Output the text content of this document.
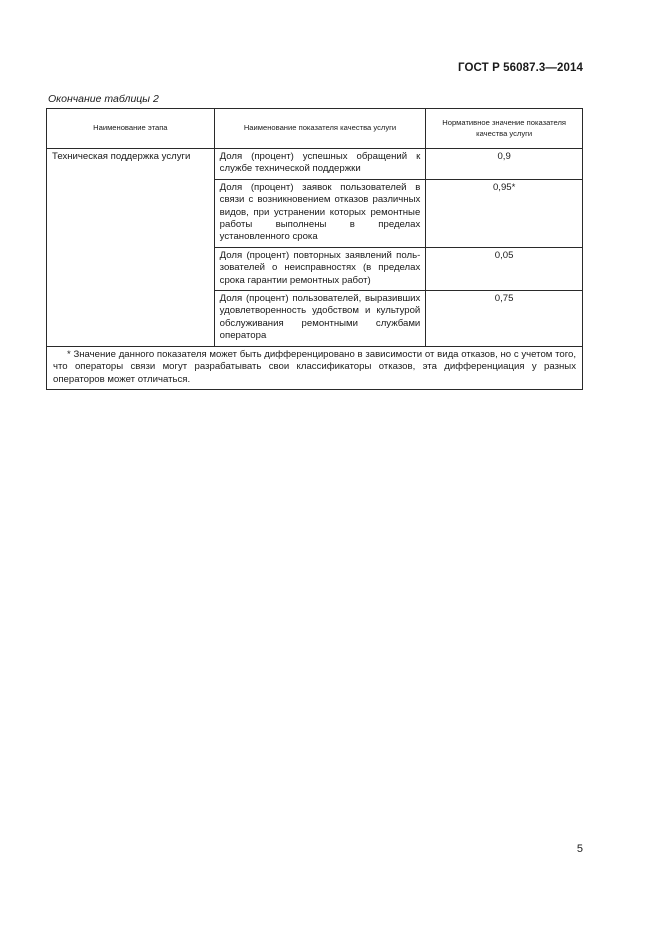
ГОСТ Р 56087.3—2014
Окончание таблицы 2
Наименование этапа	Наименование показателя качества услуги	Нормативное значение показателя качества услуги
Техническая поддержка услуги	Доля (процент) успешных обращений к службе технической поддержки	0,9
	Доля (процент) заявок пользователей в связи с возникновением отказов различных видов, при устранении которых ремонтные работы выполнены в пределах установленного срока	0,95*
	Доля (процент) повторных заявлений пользователей о неисправностях (в пределах срока гарантии ремонтных работ)	0,05
	Доля (процент) пользователей, выразивших удовлетворенность удобством и культурой обслуживания ремонтными службами оператора	0,75
* Значение данного показателя может быть дифференцировано в зависимости от вида отказов, но с учетом того, что операторы связи могут разрабатывать свои классификаторы отказов, эта дифференциация у разных операторов может отличаться.		
5
